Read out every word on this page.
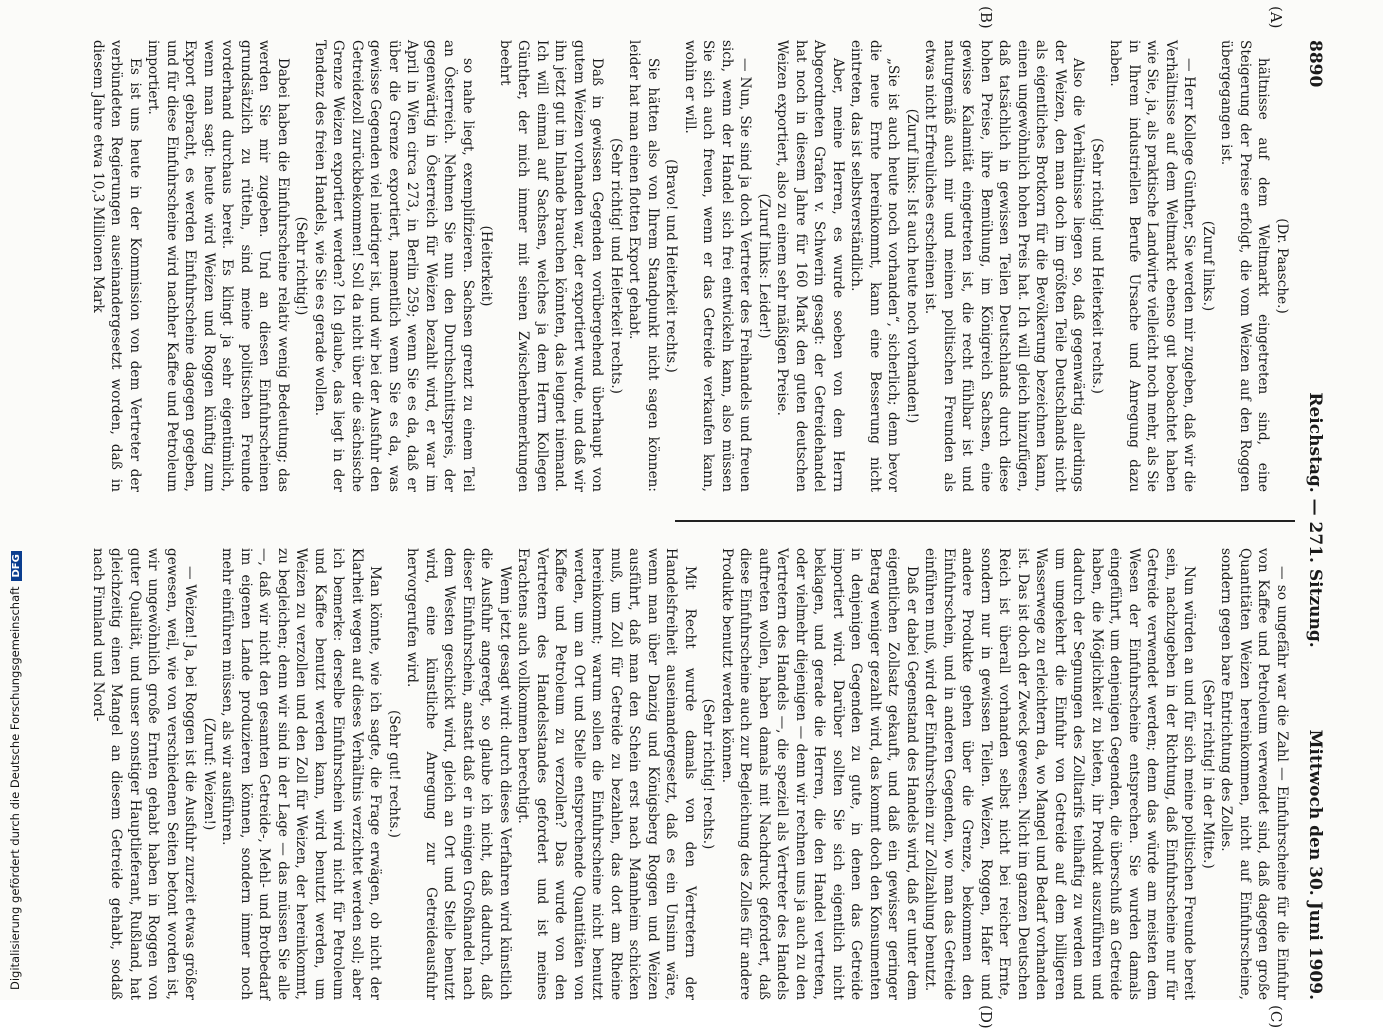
8890
Reichstag. — 271. Sitzung.
Mittwoch den 30. Juni 1909.
(A)
(B)
(C)
(D)

(Dr. Paasche.)

hältnisse auf dem Weltmarkt eingetreten sind, eine Steigerung der Preise erfolgt, die vom Weizen auf den Roggen übergegangen ist.

(Zuruf links.)

— Herr Kollege Günther, Sie werden mir zugeben, daß wir die Verhältnisse auf dem Weltmarkt ebenso gut beobachtet haben wie Sie, ja, als praktische Landwirte vielleicht noch mehr, als Sie in Ihrem industriellen Berufe Ursache und Anregung dazu haben.

(Sehr richtig! und Heiterkeit rechts.)

Also die Verhältnisse liegen so, daß gegenwärtig allerdings der Weizen, den man doch im größten Teile Deutschlands nicht als eigentliches Brotkorn für die Bevölkerung bezeichnen kann, einen ungewöhnlich hohen Preis hat. Ich will gleich hinzufügen, daß tatsächlich in gewissen Teilen Deutschlands durch diese hohen Preise, ihre Bemühung, im Königreich Sachsen, eine gewisse Kalamität eingetreten ist, die recht fühlbar ist und naturgemäß auch mir und meinen politischen Freunden als etwas nicht Erfreuliches erscheinen ist.

(Zuruf links: Ist auch heute noch vorhanden!)

„Sie ist auch heute noch vorhanden“, sicherlich; denn bevor die neue Ernte hereinkommt, kann eine Besserung nicht eintreten, das ist selbstverständlich.

Aber, meine Herren, es wurde soeben von dem Herrn Abgeordneten Grafen v. Schwerin gesagt: der Getreidehandel hat noch in diesem Jahre für 160 Mark den guten deutschen Weizen exportiert, also zu einem sehr mäßigen Preise.

(Zuruf links: Leider!)

— Nun, Sie sind ja doch Vertreter des Freihandels und freuen sich, wenn der Handel sich frei entwickeln kann, also müssen Sie sich auch freuen, wenn er das Getreide verkaufen kann, wohin er will.

(Bravo! und Heiterkeit rechts.)

Sie hätten also von Ihrem Standpunkt nicht sagen können: leider hat man einen flotten Export gehabt.

(Sehr richtig! und Heiterkeit rechts.)

Daß in gewissen Gegenden vorübergehend überhaupt von gutem Weizen vorhanden war, der exportiert wurde, und daß wir ihn jetzt gut im Inlande brauchen könnten, das leugnet niemand. Ich will einmal auf Sachsen, welches ja dem Herrn Kollegen Günther, der mich immer mit seinen Zwischenbemerkungen beehrt

(Heiterkeit)

so nahe liegt, exemplifizieren. Sachsen grenzt zu einem Teil an Österreich. Nehmen Sie nun den Durchschnittspreis, der gegenwärtig in Österreich für Weizen bezahlt wird, er war im April in Wien circa 273, in Berlin 259; wenn Sie es da, daß er über die Grenze exportiert, namentlich wenn Sie es da, was gewisse Gegenden viel niedriger ist, und wir bei der Ausfuhr den Getreidezoll zurückbekommen! Soll da nicht über die sächsische Grenze Weizen exportiert werden? Ich glaube, das liegt in der Tendenz des freien Handels, wie Sie es gerade wollen.

(Sehr richtig!)

Dabei haben die Einfuhrscheine relativ wenig Bedeutung; das werden Sie mir zugeben. Und an diesen Einfuhrscheinen grundsätzlich zu rütteln, sind meine politischen Freunde vorderhand durchaus bereit. Es klingt ja sehr eigentümlich, wenn man sagt: heute wird Weizen und Roggen künftig zum Export gebracht, es werden Einfuhrscheine dagegen gegeben, und für diese Einfuhrscheine wird nachher Kaffee und Petroleum importiert.

Es ist uns heute in der Kommission von dem Vertreter der verbündeten Regierungen auseinandergesetzt worden, daß in diesem Jahre etwa 10,3 Millionen Mark

— so ungefähr war die Zahl — Einfuhrscheine für die Einfuhr von Kaffee und Petroleum verwendet sind, daß dagegen große Quantitäten Weizen hereinkommen, nicht auf Einfuhrscheine, sondern gegen bare Entrichtung des Zolles.

(Sehr richtig! in der Mitte.)

Nun würden an und für sich meine politischen Freunde bereit sein, nachzugeben in der Richtung, daß Einfuhrscheine nur für Getreide verwendet werden; denn das würde am meisten dem Wesen der Einfuhrscheine entsprechen. Sie wurden damals eingeführt, um denjenigen Gegenden, die überschuß an Getreide haben, die Möglichkeit zu bieten, ihr Produkt auszuführen und dadurch der Segnungen des Zolltarifs teilhaftig zu werden und um umgekehrt die Einfuhr von Getreide auf dem billigeren Wasserwege zu erleichtern da, wo Mangel und Bedarf vorhanden ist. Das ist doch der Zweck gewesen. Nicht im ganzen Deutschen Reich ist überall vorhanden selbst nicht bei reicher Ernte, sondern nur in gewissen Teilen. Weizen, Roggen, Hafer und andere Produkte gehen über die Grenze, bekommen den Einfuhrschein, und in anderen Gegenden, wo man das Getreide einführen muß, wird der Einfuhrschein zur Zollzahlung benutzt.

Daß er dabei Gegenstand des Handels wird, daß er unter dem eigentlichen Zollsatz gekauft, und daß ein gewisser geringer Betrag weniger gezahlt wird, das kommt doch den Konsumenten in denjenigen Gegenden zu gute, in denen das Getreide importiert wird. Darüber sollten Sie sich eigentlich nicht beklagen, und gerade die Herren, die den Handel vertreten, oder vielmehr diejenigen — denn wir rechnen uns ja auch zu den Vertretern des Handels —, die speziell als Vertreter des Handels auftreten wollen, haben damals mit Nachdruck gefordert, daß diese Einfuhrscheine auch zur Begleichung des Zolles für andere Produkte benutzt werden können.

(Sehr richtig! rechts.)

Mit Recht wurde damals von den Vertretern der Handelsfreiheit auseinandergesetzt, daß es ein Unsinn wäre, wenn man über Danzig und Königsberg Roggen und Weizen ausführt, daß man den Schein erst nach Mannheim schicken muß, um Zoll für Getreide zu bezahlen, das dort am Rheine hereinkommt; warum sollen die Einfuhrscheine nicht benutzt werden, um an Ort und Stelle entsprechende Quantitäten von Kaffee und Petroleum zu verzollen? Das wurde von den Vertretern des Handelsstandes gefordert und ist meines Erachtens auch vollkommen berechtigt.

Wenn jetzt gesagt wird: durch dieses Verfahren wird künstlich die Ausfuhr angeregt, so glaube ich nicht, daß dadurch, daß dieser Einfuhrschein, anstatt daß er in einigen Großhandel nach dem Westen geschickt wird, gleich an Ort und Stelle benutzt wird, eine künstliche Anregung zur Getreideausfuhr hervorgerufen wird.

(Sehr gut! rechts.)

Man könnte, wie ich sagte, die Frage erwägen, ob nicht der Klarheit wegen auf dieses Verhältnis verzichtet werden soll; aber ich bemerke: derselbe Einfuhrschein wird nicht für Petroleum und Kaffee benutzt werden kann, wird benutzt werden, um Weizen zu verzollen und den Zoll für Weizen, der hereinkommt, zu begleichen; denn wir sind in der Lage — das müssen Sie alle —, daß wir nicht den gesamten Getreide-, Mehl- und Brotbedarf im eigenen Lande produzieren können, sondern immer noch mehr einführen müssen, als wir ausführen.

(Zuruf: Weizen!)

— Weizen! Ja, bei Roggen ist die Ausfuhr zurzeit etwas größer gewesen, weil, wie von verschiedenen Seiten betont worden ist, wir ungewöhnlich große Ernten gehabt haben in Roggen von guter Qualität, und unser sonstiger Hauptlieferant, Rußland, hat gleichzeitig einen Mangel an diesem Getreide gehabt, sodaß nach Finnland und Nord-

Digitalisierung gefördert durch die Deutsche ForschungsgemeinschaftDFG
